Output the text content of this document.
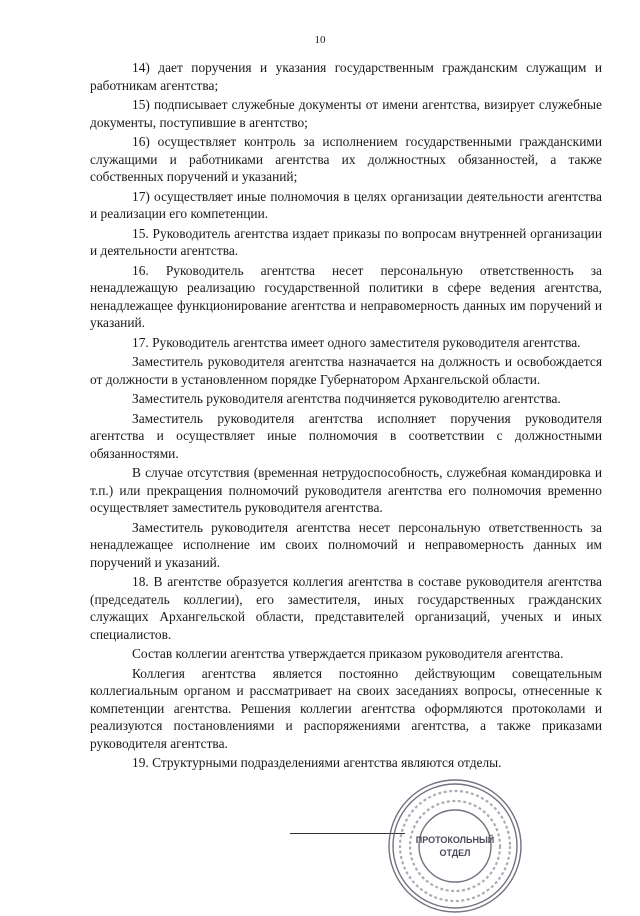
10

14) дает поручения и указания государственным гражданским служащим и работникам агентства;

15) подписывает служебные документы от имени агентства, визирует служебные документы, поступившие в агентство;

16) осуществляет контроль за исполнением государственными гражданскими служащими и работниками агентства их должностных обязанностей, а также собственных поручений и указаний;

17) осуществляет иные полномочия в целях организации деятельности агентства и реализации его компетенции.

15. Руководитель агентства издает приказы по вопросам внутренней организации и деятельности агентства.

16. Руководитель агентства несет персональную ответственность за ненадлежащую реализацию государственной политики в сфере ведения агентства, ненадлежащее функционирование агентства и неправомерность данных им поручений и указаний.

17. Руководитель агентства имеет одного заместителя руководителя агентства.

Заместитель руководителя агентства назначается на должность и освобождается от должности в установленном порядке Губернатором Архангельской области.

Заместитель руководителя агентства подчиняется руководителю агентства.

Заместитель руководителя агентства исполняет поручения руководителя агентства и осуществляет иные полномочия в соответствии с должностными обязанностями.

В случае отсутствия (временная нетрудоспособность, служебная командировка и т.п.) или прекращения полномочий руководителя агентства его полномочия временно осуществляет заместитель руководителя агентства.

Заместитель руководителя агентства несет персональную ответственность за ненадлежащее исполнение им своих полномочий и неправомерность данных им поручений и указаний.

18. В агентстве образуется коллегия агентства в составе руководителя агентства (председатель коллегии), его заместителя, иных государственных гражданских служащих Архангельской области, представителей организаций, ученых и иных специалистов.

Состав коллегии агентства утверждается приказом руководителя агентства.

Коллегия агентства является постоянно действующим совещательным коллегиальным органом и рассматривает на своих заседаниях вопросы, отнесенные к компетенции агентства. Решения коллегии агентства оформляются протоколами и реализуются постановлениями и распоряжениями агентства, а также приказами руководителя агентства.

19. Структурными подразделениями агентства являются отделы.

ПРОТОКОЛЬНЫЙ
ОТДЕЛ
